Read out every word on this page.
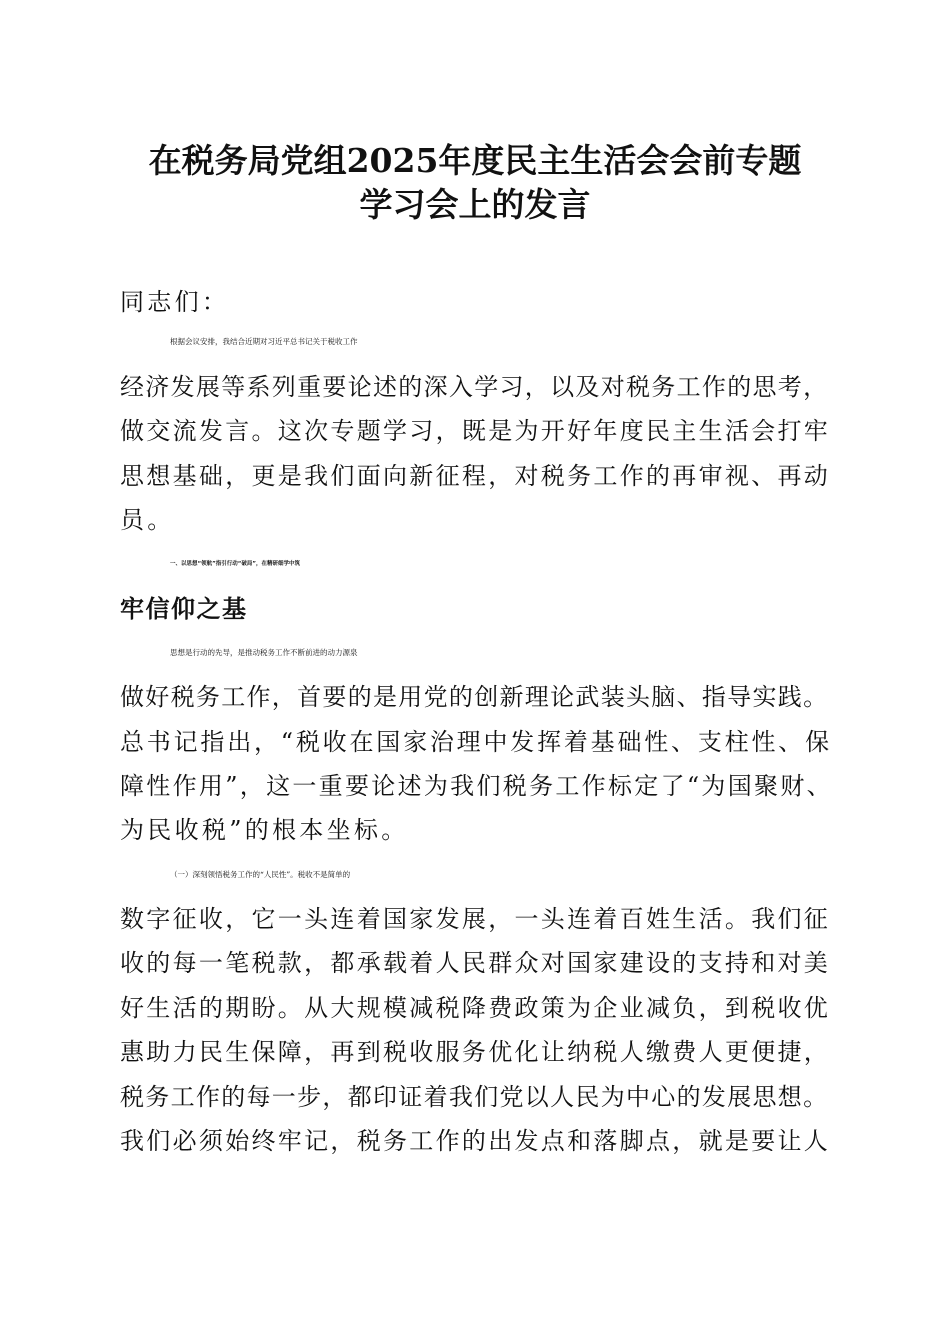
在税务局党组2025年度民主生活会会前专题
学习会上的发言
同志们：
根据会议安排，我结合近期对习近平总书记关于税收工作
经济发展等系列重要论述的深入学习，以及对税务工作的思考，
做交流发言。这次专题学习，既是为开好年度民主生活会打牢
思想基础，更是我们面向新征程，对税务工作的再审视、再动
员。
一、以思想“领航”指引行动“破局”，在精研细学中筑
牢信仰之基
思想是行动的先导，是推动税务工作不断前进的动力源泉
做好税务工作，首要的是用党的创新理论武装头脑、指导实践。
总书记指出，“税收在国家治理中发挥着基础性、支柱性、保
障性作用”，这一重要论述为我们税务工作标定了“为国聚财、
为民收税”的根本坐标。
（一）深刻领悟税务工作的“人民性”。税收不是简单的
数字征收，它一头连着国家发展，一头连着百姓生活。我们征
收的每一笔税款，都承载着人民群众对国家建设的支持和对美
好生活的期盼。从大规模减税降费政策为企业减负，到税收优
惠助力民生保障，再到税收服务优化让纳税人缴费人更便捷，
税务工作的每一步，都印证着我们党以人民为中心的发展思想。
我们必须始终牢记，税务工作的出发点和落脚点，就是要让人
